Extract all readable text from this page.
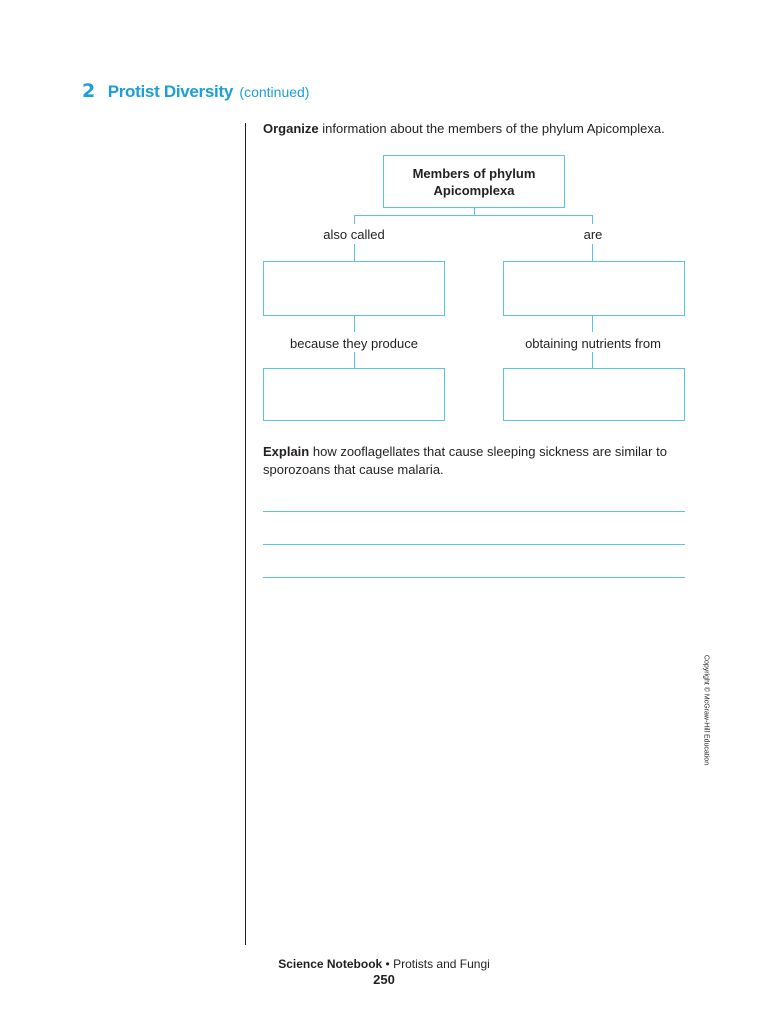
2 Protist Diversity (continued)
Organize information about the members of the phylum Apicomplexa.
Members of phylum Apicomplexa
also called	are
because they produce	obtaining nutrients from
Explain how zooflagellates that cause sleeping sickness are similar to sporozoans that cause malaria.
Copyright © McGraw-Hill Education
Science Notebook • Protists and Fungi
250
